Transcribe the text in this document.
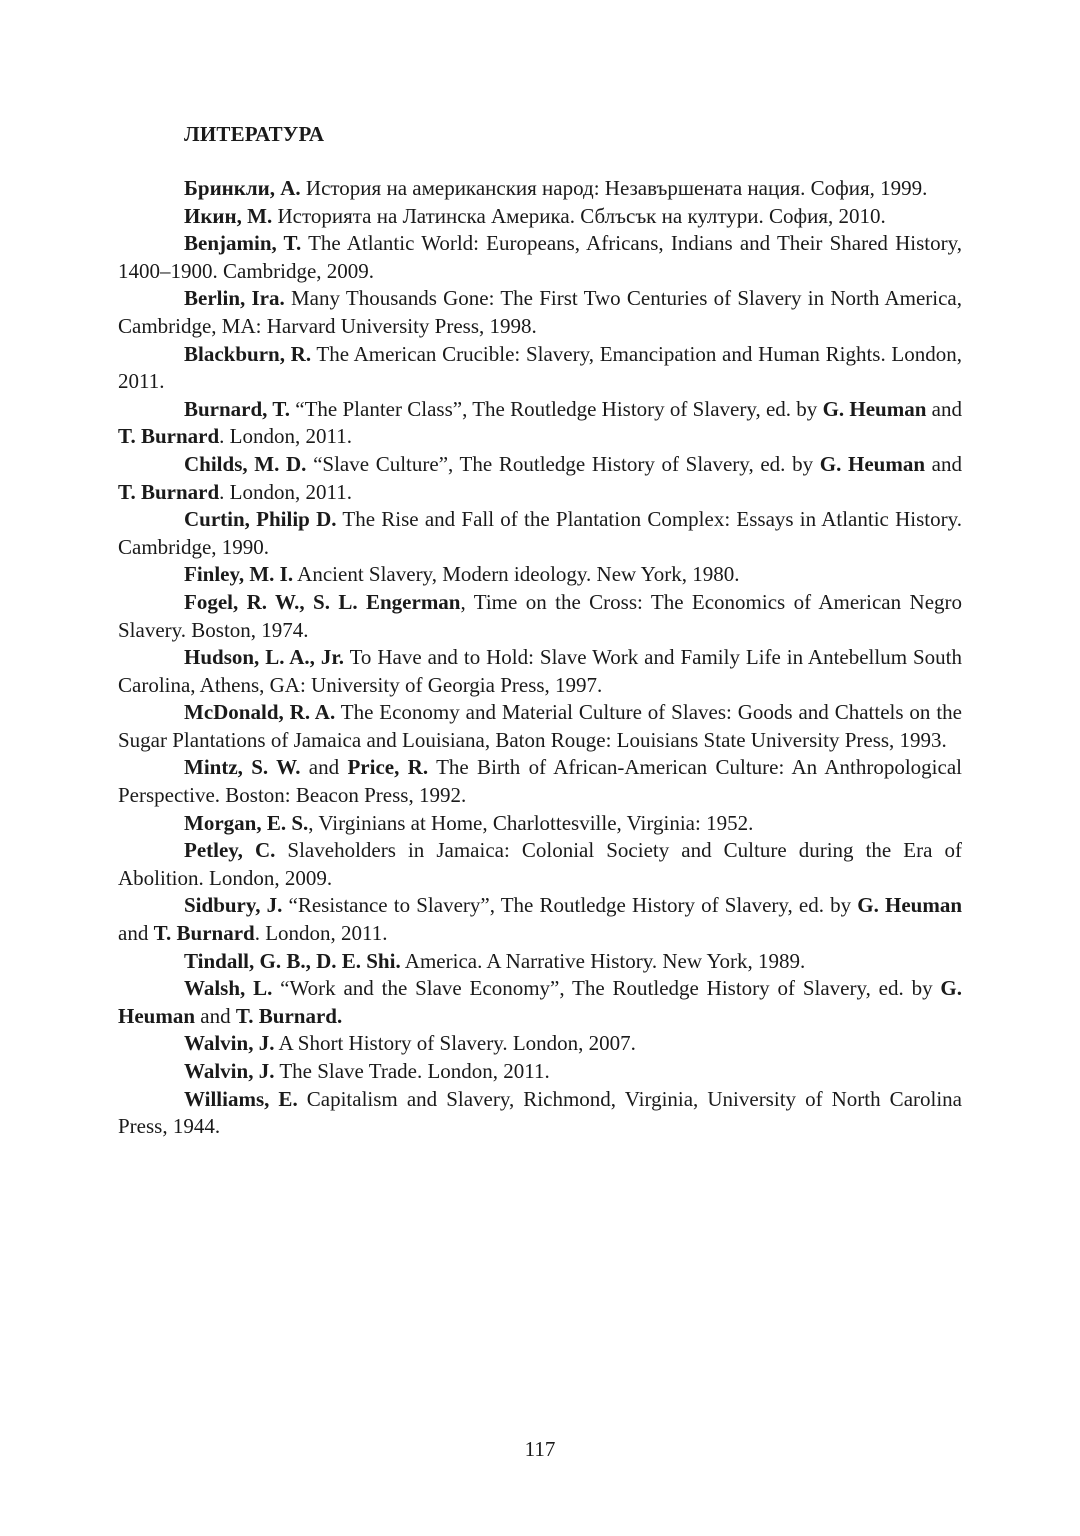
ЛИТЕРАТУРА

Бринкли, А. История на американския народ: Незавършената нация. София, 1999.

Икин, М. Историята на Латинска Америка. Сблъсък на култури. София, 2010.

Benjamin, T. The Atlantic World: Europeans, Africans, Indians and Their Shared History, 1400–1900. Cambridge, 2009.

Berlin, Ira. Many Thousands Gone: The First Two Centuries of Slavery in North America, Cambridge, MA: Harvard University Press, 1998.

Blackburn, R. The American Crucible: Slavery, Emancipation and Human Rights. London, 2011.

Burnard, T. “The Planter Class”, The Routledge History of Slavery, ed. by G. Heuman and T. Burnard. London, 2011.

Childs, M. D. “Slave Culture”, The Routledge History of Slavery, ed. by G. Heuman and T. Burnard. London, 2011.

Curtin, Philip D. The Rise and Fall of the Plantation Complex: Essays in Atlantic History. Cambridge, 1990.

Finley, M. I. Ancient Slavery, Modern ideology. New York, 1980.

Fogel, R. W., S. L. Engerman, Time on the Cross: The Economics of American Negro Slavery. Boston, 1974.

Hudson, L. A., Jr. To Have and to Hold: Slave Work and Family Life in Antebellum South Carolina, Athens, GA: University of Georgia Press, 1997.

McDonald, R. A. The Economy and Material Culture of Slaves: Goods and Chattels on the Sugar Plantations of Jamaica and Louisiana, Baton Rouge: Louisians State University Press, 1993.

Mintz, S. W. and Price, R. The Birth of African-American Culture: An Anthropological Perspective. Boston: Beacon Press, 1992.

Morgan, E. S., Virginians at Home, Charlottesville, Virginia: 1952.

Petley, C. Slaveholders in Jamaica: Colonial Society and Culture during the Era of Abolition. London, 2009.

Sidbury, J. “Resistance to Slavery”, The Routledge History of Slavery, ed. by G. Heuman and T. Burnard. London, 2011.

Tindall, G. B., D. E. Shi. America. A Narrative History. New York, 1989.

Walsh, L. “Work and the Slave Economy”, The Routledge History of Slavery, ed. by G. Heuman and T. Burnard.

Walvin, J. A Short History of Slavery. London, 2007.

Walvin, J. The Slave Trade. London, 2011.

Williams, E. Capitalism and Slavery, Richmond, Virginia, University of North Carolina Press, 1944.

117
